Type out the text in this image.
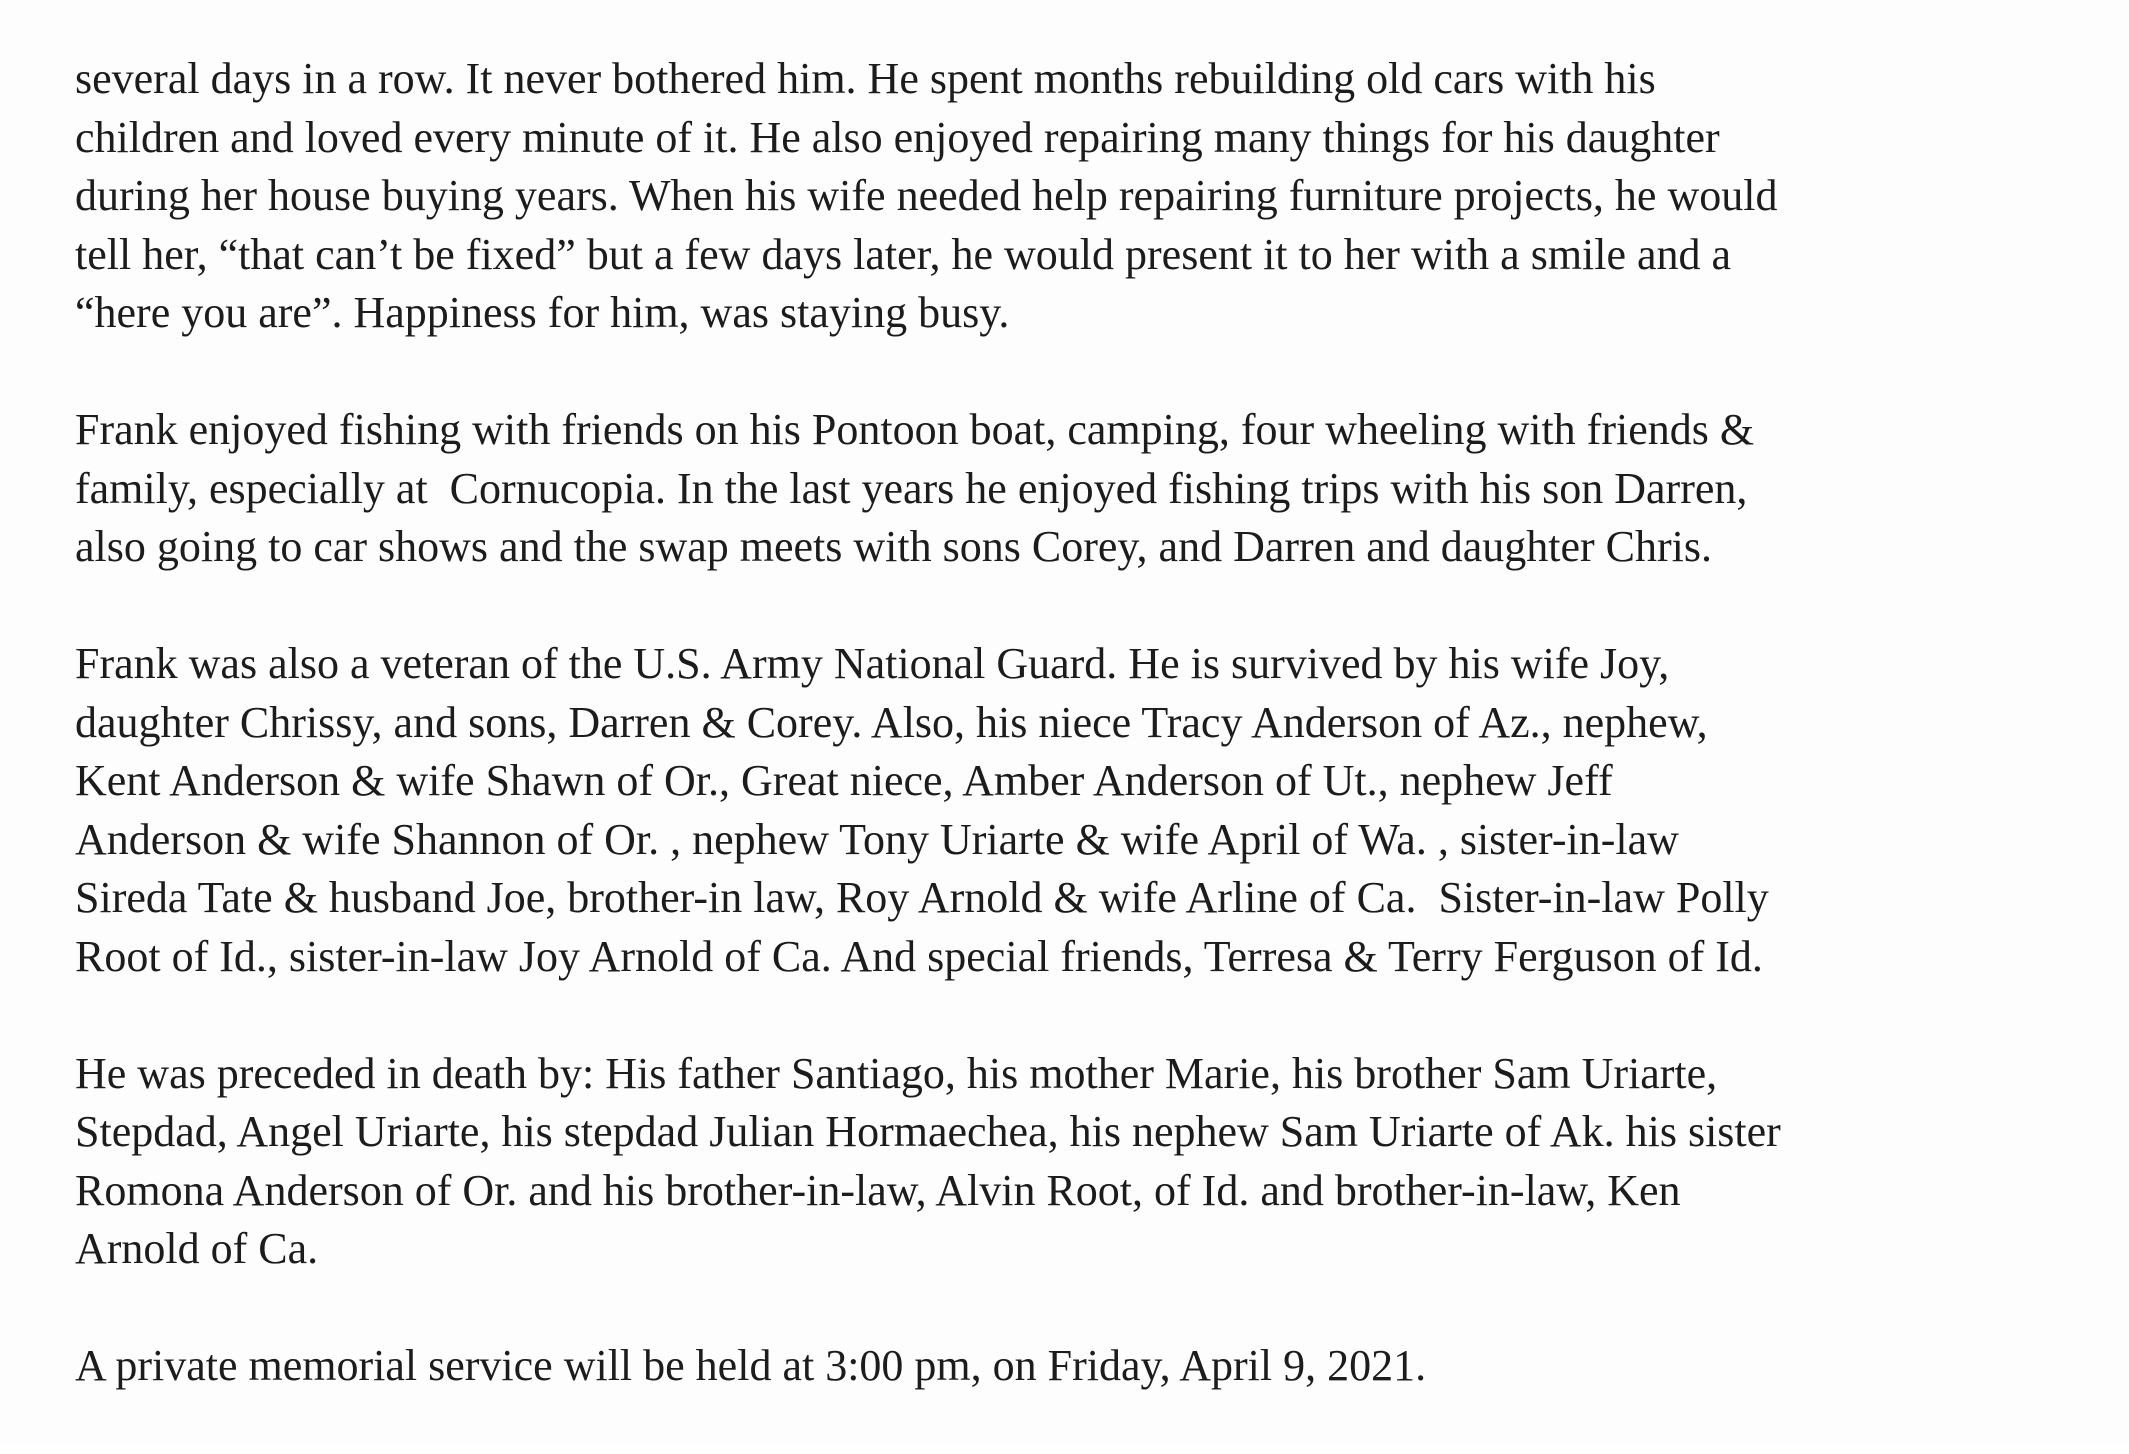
several days in a row. It never bothered him. He spent months rebuilding old cars with his
children and loved every minute of it. He also enjoyed repairing many things for his daughter
during her house buying years. When his wife needed help repairing furniture projects, he would
tell her, “that can’t be fixed” but a few days later, he would present it to her with a smile and a
“here you are”. Happiness for him, was staying busy.

Frank enjoyed fishing with friends on his Pontoon boat, camping, four wheeling with friends &
family, especially at  Cornucopia. In the last years he enjoyed fishing trips with his son Darren,
also going to car shows and the swap meets with sons Corey, and Darren and daughter Chris.

Frank was also a veteran of the U.S. Army National Guard. He is survived by his wife Joy,
daughter Chrissy, and sons, Darren & Corey. Also, his niece Tracy Anderson of Az., nephew,
Kent Anderson & wife Shawn of Or., Great niece, Amber Anderson of Ut., nephew Jeff
Anderson & wife Shannon of Or. , nephew Tony Uriarte & wife April of Wa. , sister-in-law
Sireda Tate & husband Joe, brother-in law, Roy Arnold & wife Arline of Ca.  Sister-in-law Polly
Root of Id., sister-in-law Joy Arnold of Ca. And special friends, Terresa & Terry Ferguson of Id.

He was preceded in death by: His father Santiago, his mother Marie, his brother Sam Uriarte,
Stepdad, Angel Uriarte, his stepdad Julian Hormaechea, his nephew Sam Uriarte of Ak. his sister
Romona Anderson of Or. and his brother-in-law, Alvin Root, of Id. and brother-in-law, Ken
Arnold of Ca.

A private memorial service will be held at 3:00 pm, on Friday, April 9, 2021.
